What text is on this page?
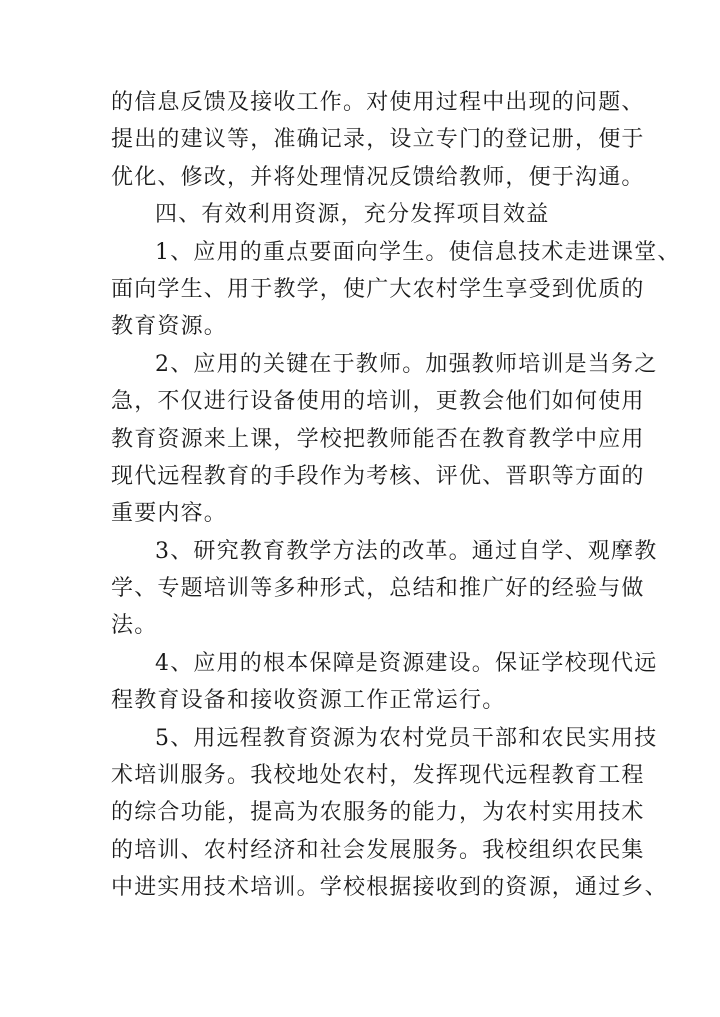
的信息反馈及接收工作。对使用过程中出现的问题、
提出的建议等，准确记录，设立专门的登记册，便于
优化、修改，并将处理情况反馈给教师，便于沟通。
四、有效利用资源，充分发挥项目效益
1、应用的重点要面向学生。使信息技术走进课堂、
面向学生、用于教学，使广大农村学生享受到优质的
教育资源。
2、应用的关键在于教师。加强教师培训是当务之
急，不仅进行设备使用的培训，更教会他们如何使用
教育资源来上课，学校把教师能否在教育教学中应用
现代远程教育的手段作为考核、评优、晋职等方面的
重要内容。
3、研究教育教学方法的改革。通过自学、观摩教
学、专题培训等多种形式，总结和推广好的经验与做
法。
4、应用的根本保障是资源建设。保证学校现代远
程教育设备和接收资源工作正常运行。
5、用远程教育资源为农村党员干部和农民实用技
术培训服务。我校地处农村，发挥现代远程教育工程
的综合功能，提高为农服务的能力，为农村实用技术
的培训、农村经济和社会发展服务。我校组织农民集
中进实用技术培训。学校根据接收到的资源，通过乡、
